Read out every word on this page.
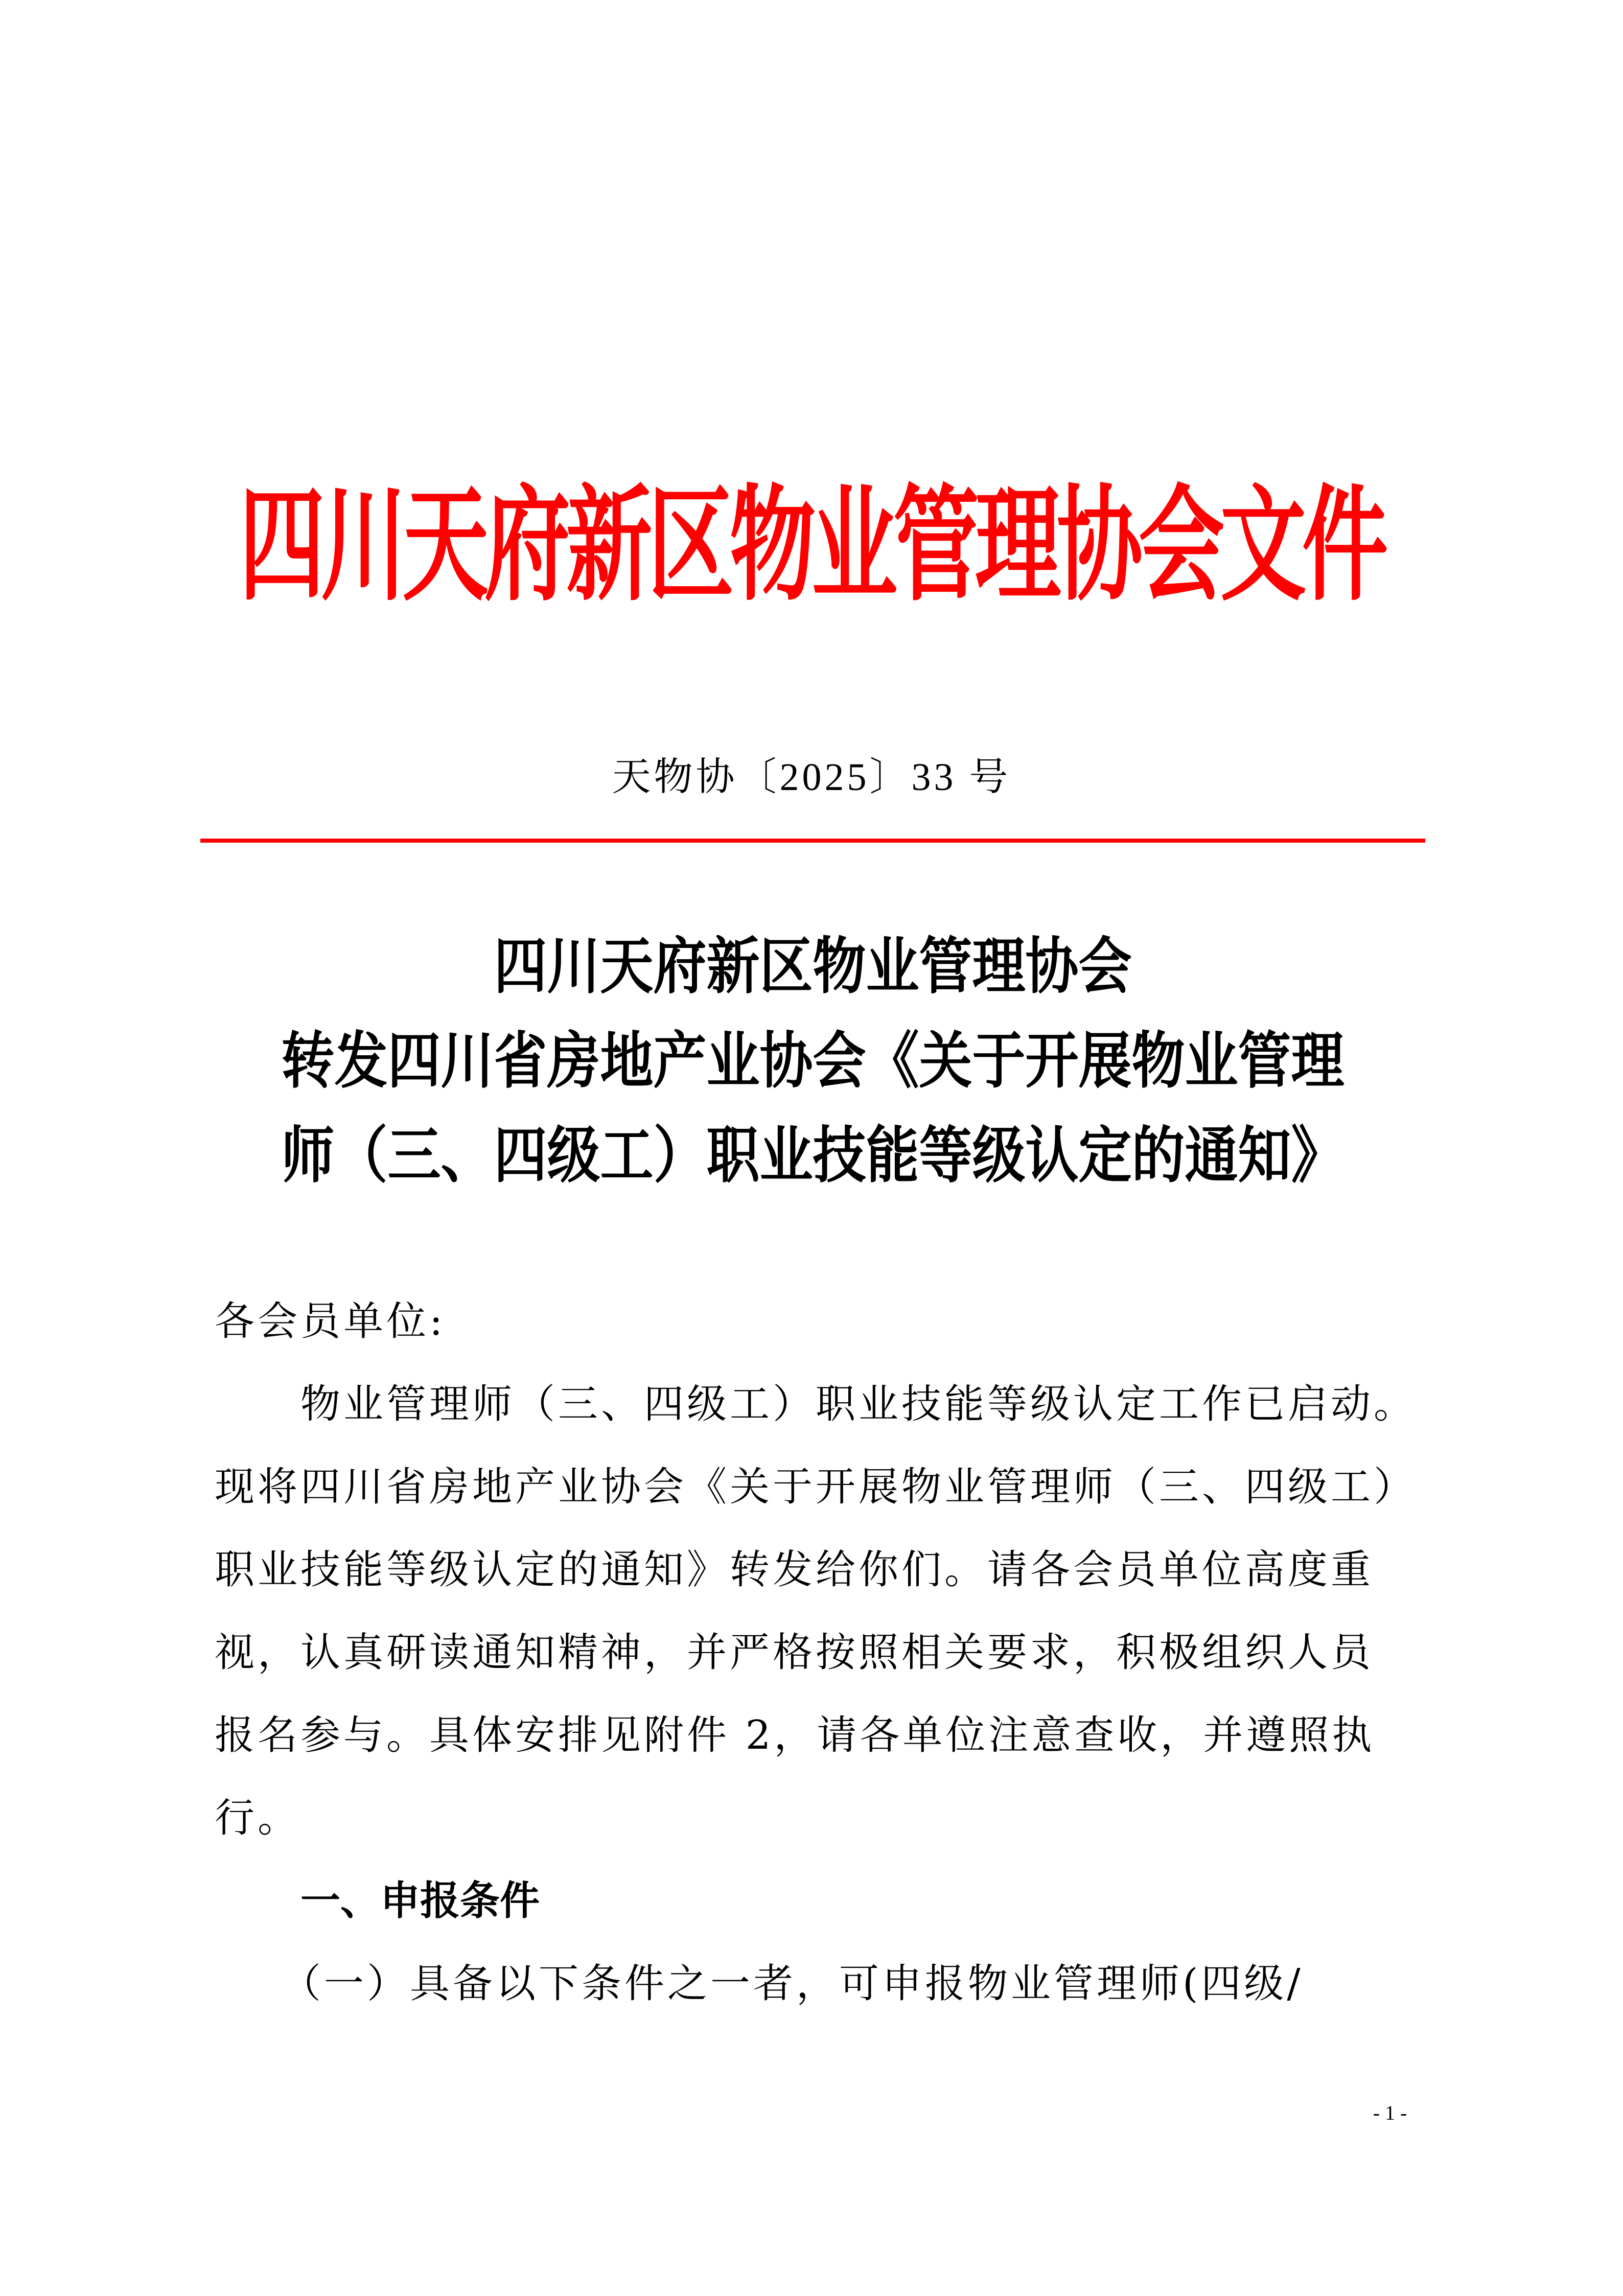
四川天府新区物业管理协会文件
天物协〔2025〕33 号
四川天府新区物业管理协会
转发四川省房地产业协会《关于开展物业管理
师（三、四级工）职业技能等级认定的通知》
各会员单位:
物业管理师（三、四级工）职业技能等级认定工作已启动。
现将四川省房地产业协会《关于开展物业管理师（三、四级工）
职业技能等级认定的通知》转发给你们。请各会员单位高度重
视，认真研读通知精神，并严格按照相关要求，积极组织人员
报名参与。具体安排见附件 2，请各单位注意查收，并遵照执
行。
一、申报条件
（一）具备以下条件之一者，可申报物业管理师(四级/
- 1 -
